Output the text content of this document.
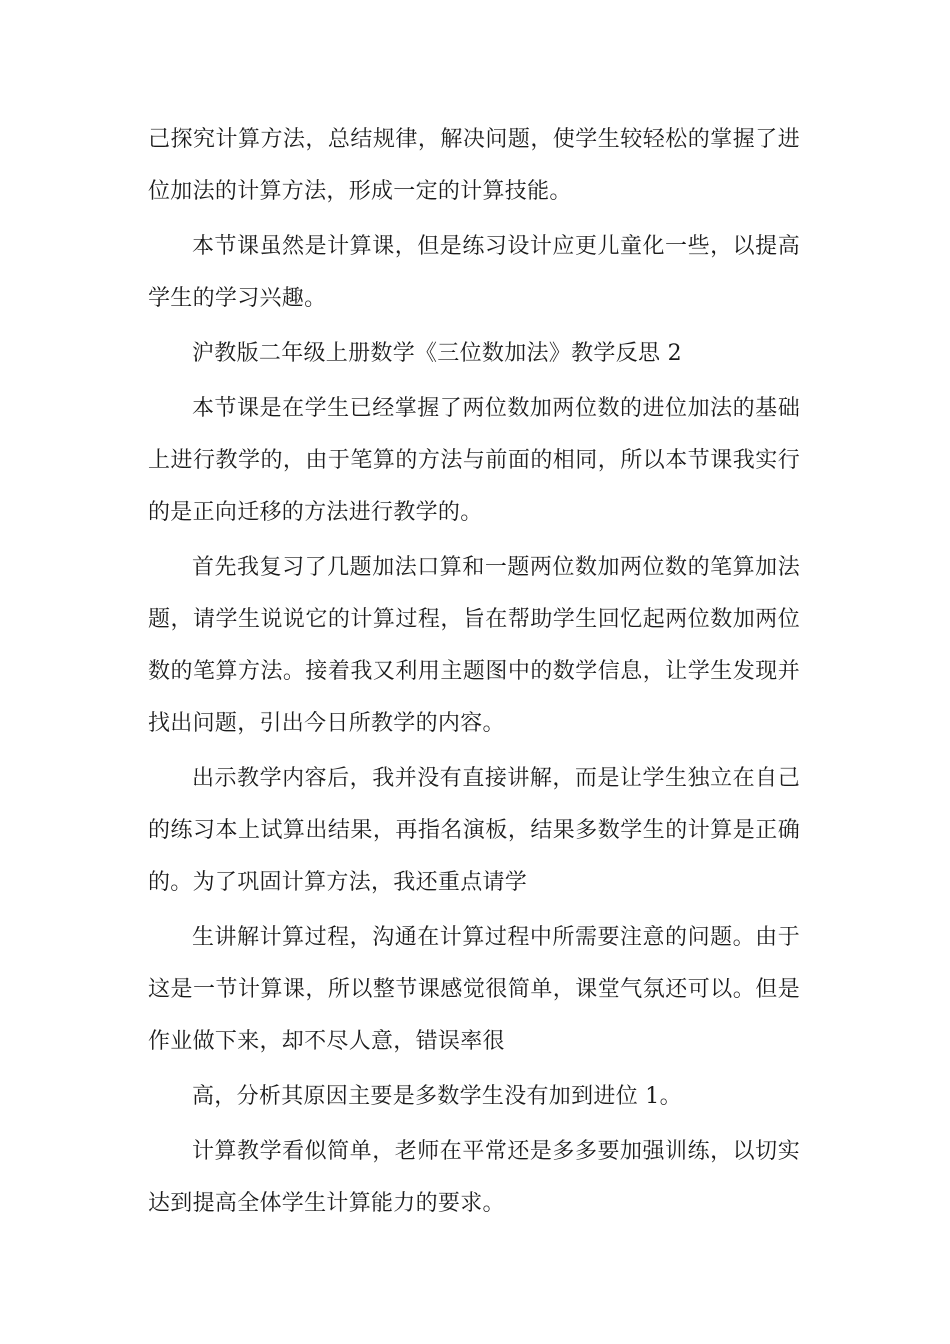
己探究计算方法，总结规律，解决问题，使学生较轻松的掌握了进位加法的计算方法，形成一定的计算技能。

本节课虽然是计算课，但是练习设计应更儿童化一些，以提高学生的学习兴趣。

沪教版二年级上册数学《三位数加法》教学反思 2

本节课是在学生已经掌握了两位数加两位数的进位加法的基础上进行教学的，由于笔算的方法与前面的相同，所以本节课我实行的是正向迁移的方法进行教学的。

首先我复习了几题加法口算和一题两位数加两位数的笔算加法题，请学生说说它的计算过程，旨在帮助学生回忆起两位数加两位数的笔算方法。接着我又利用主题图中的数学信息，让学生发现并找出问题，引出今日所教学的内容。

出示教学内容后，我并没有直接讲解，而是让学生独立在自己的练习本上试算出结果，再指名演板，结果多数学生的计算是正确的。为了巩固计算方法，我还重点请学

生讲解计算过程，沟通在计算过程中所需要注意的问题。由于这是一节计算课，所以整节课感觉很简单，课堂气氛还可以。但是作业做下来，却不尽人意，错误率很

高，分析其原因主要是多数学生没有加到进位 1。

计算教学看似简单，老师在平常还是多多要加强训练，以切实达到提高全体学生计算能力的要求。
